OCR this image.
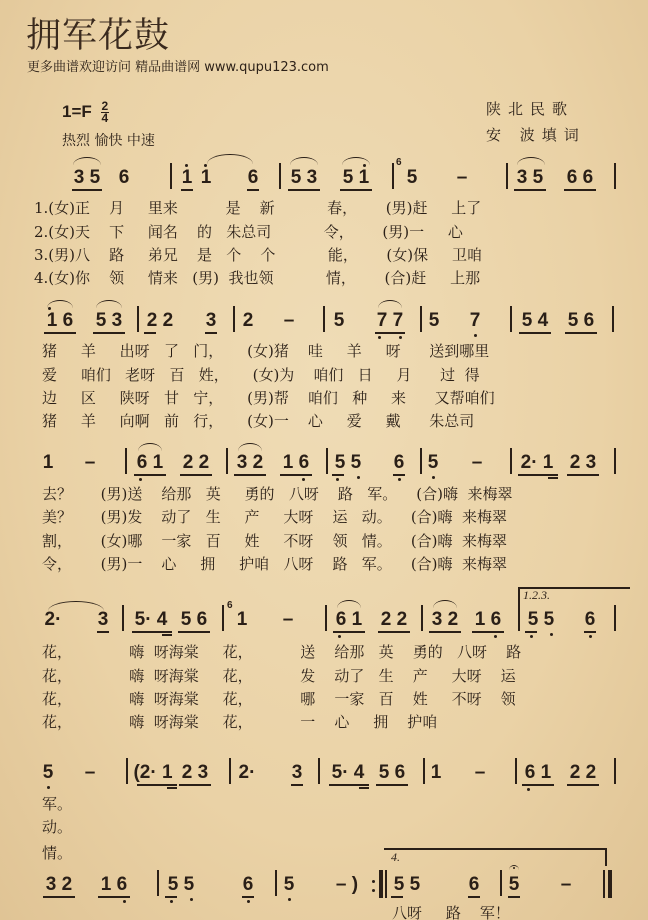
拥军花鼓
更多曲谱欢迎访问 精品曲谱网 www.qupu123.com
$1=F \frac{2}{4}$
热烈 愉快 中速
陕北民歌
安 波填词
3 5 6	1 1 6 5 3 5 1
6
5 –	3 5 6 6
1.(女)正    月     里来          是    新           春，      (男)赶     上了
2.(女)天    下     闻名    的   朱总司           令，      (男)一     心
3.(男)八    路     弟兄    是   个    个           能，      (女)保     卫咱
4.(女)你    领     情来   (男)  我也领           情，      (合)赶     上那
1 6 5 3 2 2 3 2 – 5 7 7 5 7 5 4 5 6
猪     羊     出呀   了   门，     (女)猪    哇     羊     呀      送到哪里
爱     咱们   老呀   百   姓，     (女)为    咱们   日     月      过  得
边     区     陕呀   甘   宁，     (男)帮    咱们   种     来      又帮咱们
猪     羊     向啊   前   行，     (女)一    心     爱     戴      朱总司
1 – 6 1 2 2 3 2 1 6 5 5 6 5 – 2· 1 2 3
去？      (男)送    给那   英     勇的   八呀    路   军。    (合)嗨  来梅翠
美？      (男)发    动了   生     产     大呀    运   动。    (合)嗨  来梅翠
割，      (女)哪    一家   百     姓     不呀    领   情。    (合)嗨  来梅翠
令，      (男)一    心     拥     护咱   八呀    路   军。    (合)嗨  来梅翠
2· 3 5· 4 5 6
6
1 – 6 1 2 2 3 2 1 6
1.2.3.
5 5 6
花，            嗨  呀海棠     花，          送    给那   英    勇的   八呀    路
花，            嗨  呀海棠     花，          发    动了   生    产     大呀    运
花，            嗨  呀海棠     花，          哪    一家   百    姓     不呀    领
花，            嗨  呀海棠     花，          一    心     拥    护咱
5 – (2· 1 2 3 2· 3 5· 4 5 6 1 – 6 1 2 2
军。
动。
情。
3 2 1 6 5 5	6 5	– )
4.
5 5	6 5 –
八呀     路    军！
